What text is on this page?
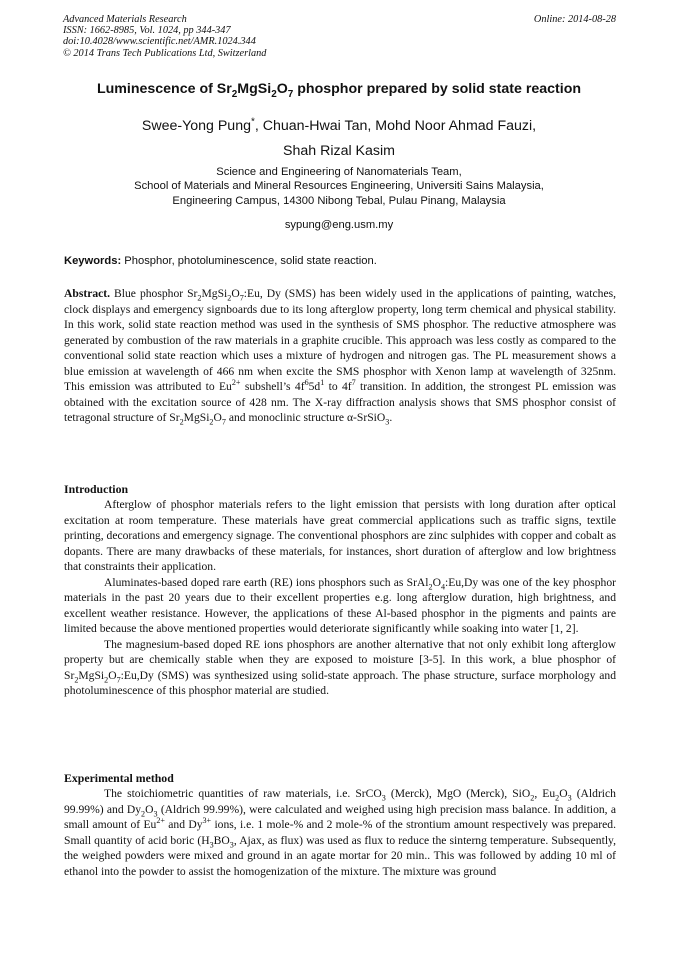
Advanced Materials Research
ISSN: 1662-8985, Vol. 1024, pp 344-347
doi:10.4028/www.scientific.net/AMR.1024.344
© 2014 Trans Tech Publications Ltd, Switzerland
Online: 2014-08-28
Luminescence of $Sr_2MgSi_2O_7$ phosphor prepared by solid state reaction
Swee-Yong Pung*, Chuan-Hwai Tan, Mohd Noor Ahmad Fauzi,
Shah Rizal Kasim
Science and Engineering of Nanomaterials Team,
School of Materials and Mineral Resources Engineering, Universiti Sains Malaysia,
Engineering Campus, 14300 Nibong Tebal, Pulau Pinang, Malaysia
sypung@eng.usm.my
Keywords: Phosphor, photoluminescence, solid state reaction.

Abstract. Blue phosphor $Sr_2MgSi_2O_7:Eu$, Dy (SMS) has been widely used in the applications of painting, watches, clock displays and emergency signboards due to its long afterglow property, long term chemical and physical stability. In this work, solid state reaction method was used in the synthesis of SMS phosphor. The reductive atmosphere was generated by combustion of the raw materials in a graphite crucible. This approach was less costly as compared to the conventional solid state reaction which uses a mixture of hydrogen and nitrogen gas. The PL measurement shows a blue emission at wavelength of 466 nm when excite the SMS phosphor with Xenon lamp at wavelength of 325nm. This emission was attributed to $Eu^{2+}$ subshell’s $4f^65d^1$ to $4f^7$ transition. In addition, the strongest PL emission was obtained with the excitation source of 428 nm. The X-ray diffraction analysis shows that SMS phosphor consist of tetragonal structure of $Sr_2MgSi_2O_7$ and monoclinic structure α-SrSiO$_3$.

Introduction

Afterglow of phosphor materials refers to the light emission that persists with long duration after optical excitation at room temperature. These materials have great commercial applications such as traffic signs, textile printing, decorations and emergency signage. The conventional phosphors are zinc sulphides with copper and cobalt as dopants. There are many drawbacks of these materials, for instances, short duration of afterglow and low brightness that constraints their application.

Aluminates-based doped rare earth (RE) ions phosphors such as $SrAl_2O_4:Eu,Dy$ was one of the key phosphor materials in the past 20 years due to their excellent properties e.g. long afterglow duration, high brightness, and excellent weather resistance. However, the applications of these Al-based phosphor in the pigments and paints are limited because the above mentioned properties would deteriorate significantly while soaking into water [1, 2].

The magnesium-based doped RE ions phosphors are another alternative that not only exhibit long afterglow property but are chemically stable when they are exposed to moisture [3-5]. In this work, a blue phosphor of $Sr_2MgSi_2O_7:Eu,Dy$ (SMS) was synthesized using solid-state approach. The phase structure, surface morphology and photoluminescence of this phosphor material are studied.

Experimental method

The stoichiometric quantities of raw materials, i.e. SrCO$_3$ (Merck), MgO (Merck), SiO$_2$, $Eu_2O_3$ (Aldrich 99.99%) and $Dy_2O_3$ (Aldrich 99.99%), were calculated and weighed using high precision mass balance. In addition, a small amount of $Eu^{2+}$ and $Dy^{3+}$ ions, i.e. 1 mole-% and 2 mole-% of the strontium amount respectively was prepared. Small quantity of acid boric ($H_3BO_3$, Ajax, as flux) was used as flux to reduce the sinterng temperature. Subsequently, the weighed powders were mixed and ground in an agate mortar for 20 min.. This was followed by adding 10 ml of ethanol into the powder to assist the homogenization of the mixture. The mixture was ground
